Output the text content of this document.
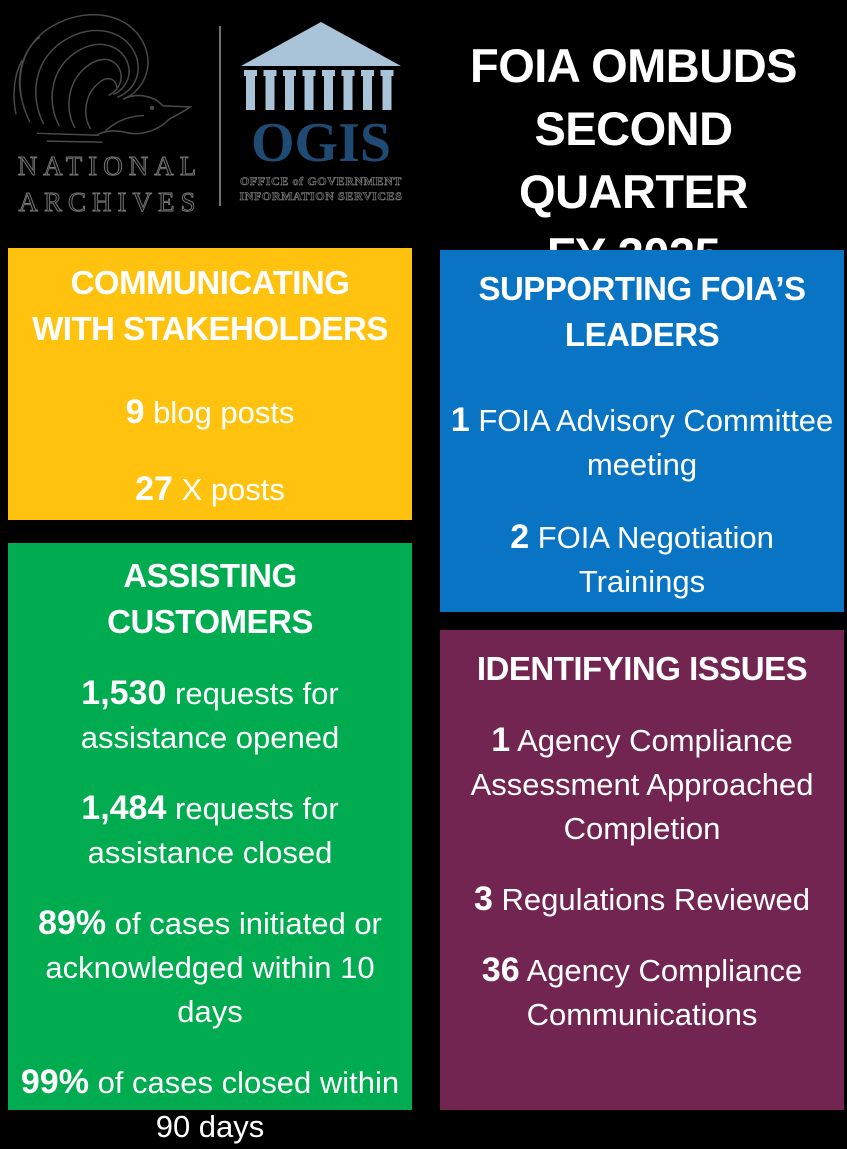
NATIONAL
ARCHIVES
OGIS
OFFICE of GOVERNMENT
INFORMATION SERVICES
FOIA OMBUDS
SECOND QUARTER
COMMUNICATING
WITH STAKEHOLDERS

9 blog posts

27 X posts

ASSISTING CUSTOMERS

1,530 requests for assistance opened

1,484 requests for assistance closed

89% of cases initiated or acknowledged within 10 days

99% of cases closed within 90 days

SUPPORTING FOIA’S
LEADERS

1 FOIA Advisory Committee meeting

2 FOIA Negotiation Trainings

IDENTIFYING ISSUES

1 Agency Compliance Assessment Approached Completion

3 Regulations Reviewed

36 Agency Compliance Communications
